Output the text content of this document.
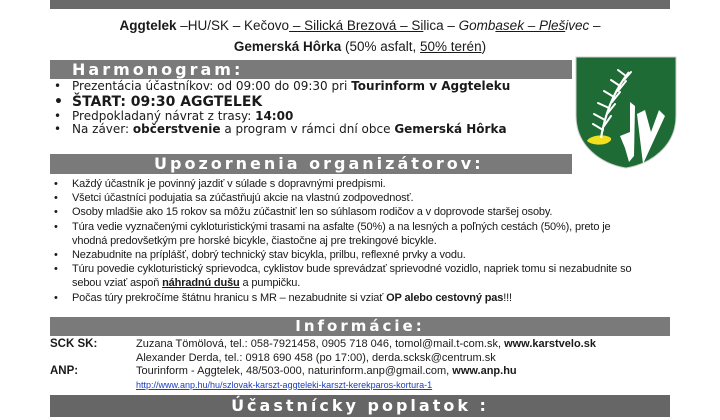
Aggtelek –HU/SK – Kečovo – Silická Brezová – Silica – Gombasek – Plešivec –
Gemerská Hôrka (50% asfalt, 50% terén)
Harmonogram:
• Prezentácia účastníkov: od 09:00 do 09:30 pri Tourinform v Aggteleku
• ŠTART: 09:30 AGGTELEK
• Predpokladaný návrat z trasy: 14:00
• Na záver: občerstvenie a program v rámci dní obce Gemerská Hôrka
Upozornenia organizátorov:
• Každý účastník je povinný jazdiť v súlade s dopravnými predpismi.
• Všetci účastníci podujatia sa zúčastňujú akcie na vlastnú zodpovednosť.
• Osoby mladšie ako 15 rokov sa môžu zúčastniť len so súhlasom rodičov a v doprovode staršej osoby.
• Túra vedie vyznačenými cykloturistickými trasami na asfalte (50%) a na lesných a poľných cestách (50%), preto je vhodná predovšetkým pre horské bicykle, čiastočne aj pre trekingové bicykle.
• Nezabudnite na príplášť, dobrý technický stav bicykla, prilbu, reflexné prvky a vodu.
• Túru povedie cykloturistický sprievodca, cyklistov bude sprevádzať sprievodné vozidlo, napriek tomu si nezabudnite so sebou vziať aspoň náhradnú dušu a pumpičku.
• Počas túry prekročíme štátnu hranicu s MR – nezabudnite si vziať OP alebo cestovný pas!!!
Informácie:
SCK SK:	Zuzana Tömölová, tel.: 058-7921458, 0905 718 046, tomol@mail.t-com.sk, www.karstvelo.sk
Alexander Derda, tel.: 0918 690 458 (po 17:00), derda.scksk@centrum.sk
ANP:	Tourinform - Aggtelek, 48/503-000, naturinform.anp@gmail.com, www.anp.hu
http://www.anp.hu/hu/szlovak-karszt-aggteleki-karszt-kerekparos-kortura-1
Účastnícky poplatok :
